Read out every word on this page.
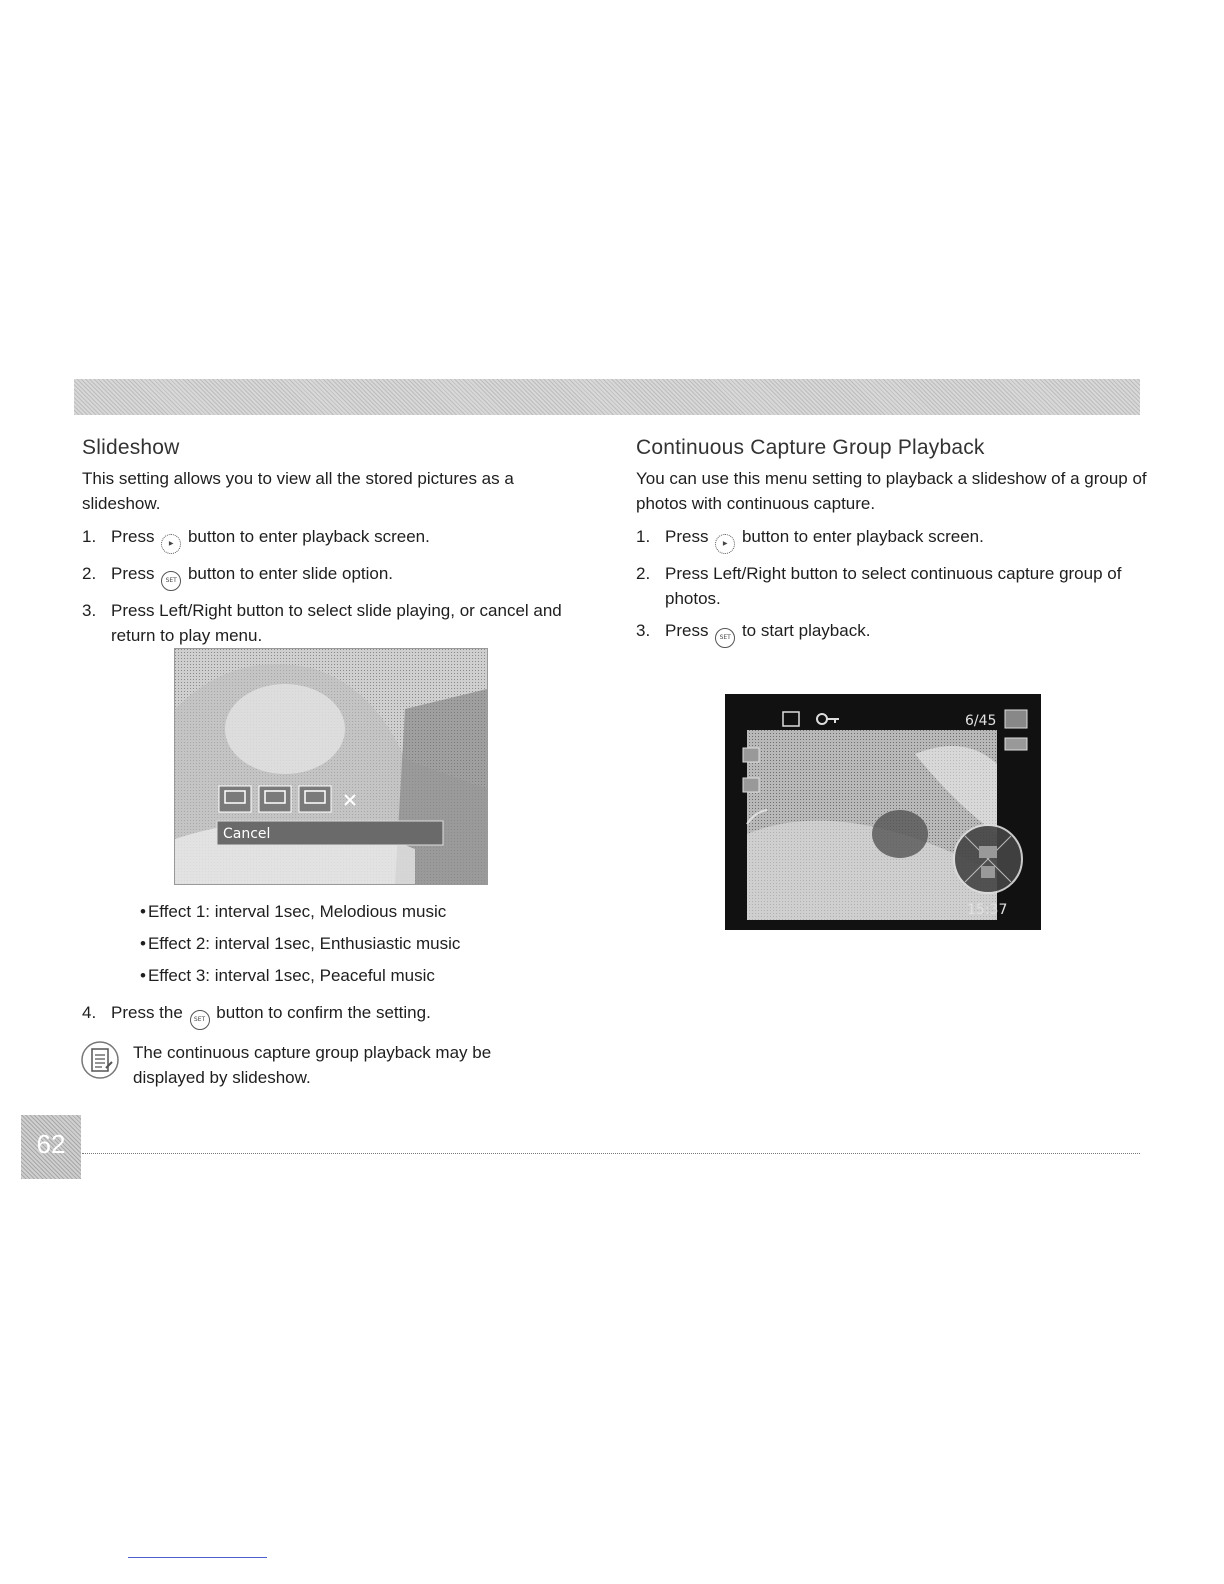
Slideshow

This setting allows you to view all the stored pictures as a slideshow.

1. Press ▶ button to enter playback screen.
2. Press SET button to enter slide option.
3. Press Left/Right button to select slide playing, or cancel and return to play menu.
Cancel
• Effect 1: interval 1sec, Melodious music
• Effect 2: interval 1sec, Enthusiastic music
• Effect 3: interval 1sec, Peaceful music
4. Press the SET button to confirm the setting.
The continuous capture group playback may be displayed by slideshow.
Continuous Capture Group Playback

You can use this menu setting to playback a slideshow of a group of photos with continuous capture.

1. Press ▶ button to enter playback screen.
2. Press Left/Right button to select continuous capture group of photos.
3. Press SET to start playback.
6/45
15:37
62
